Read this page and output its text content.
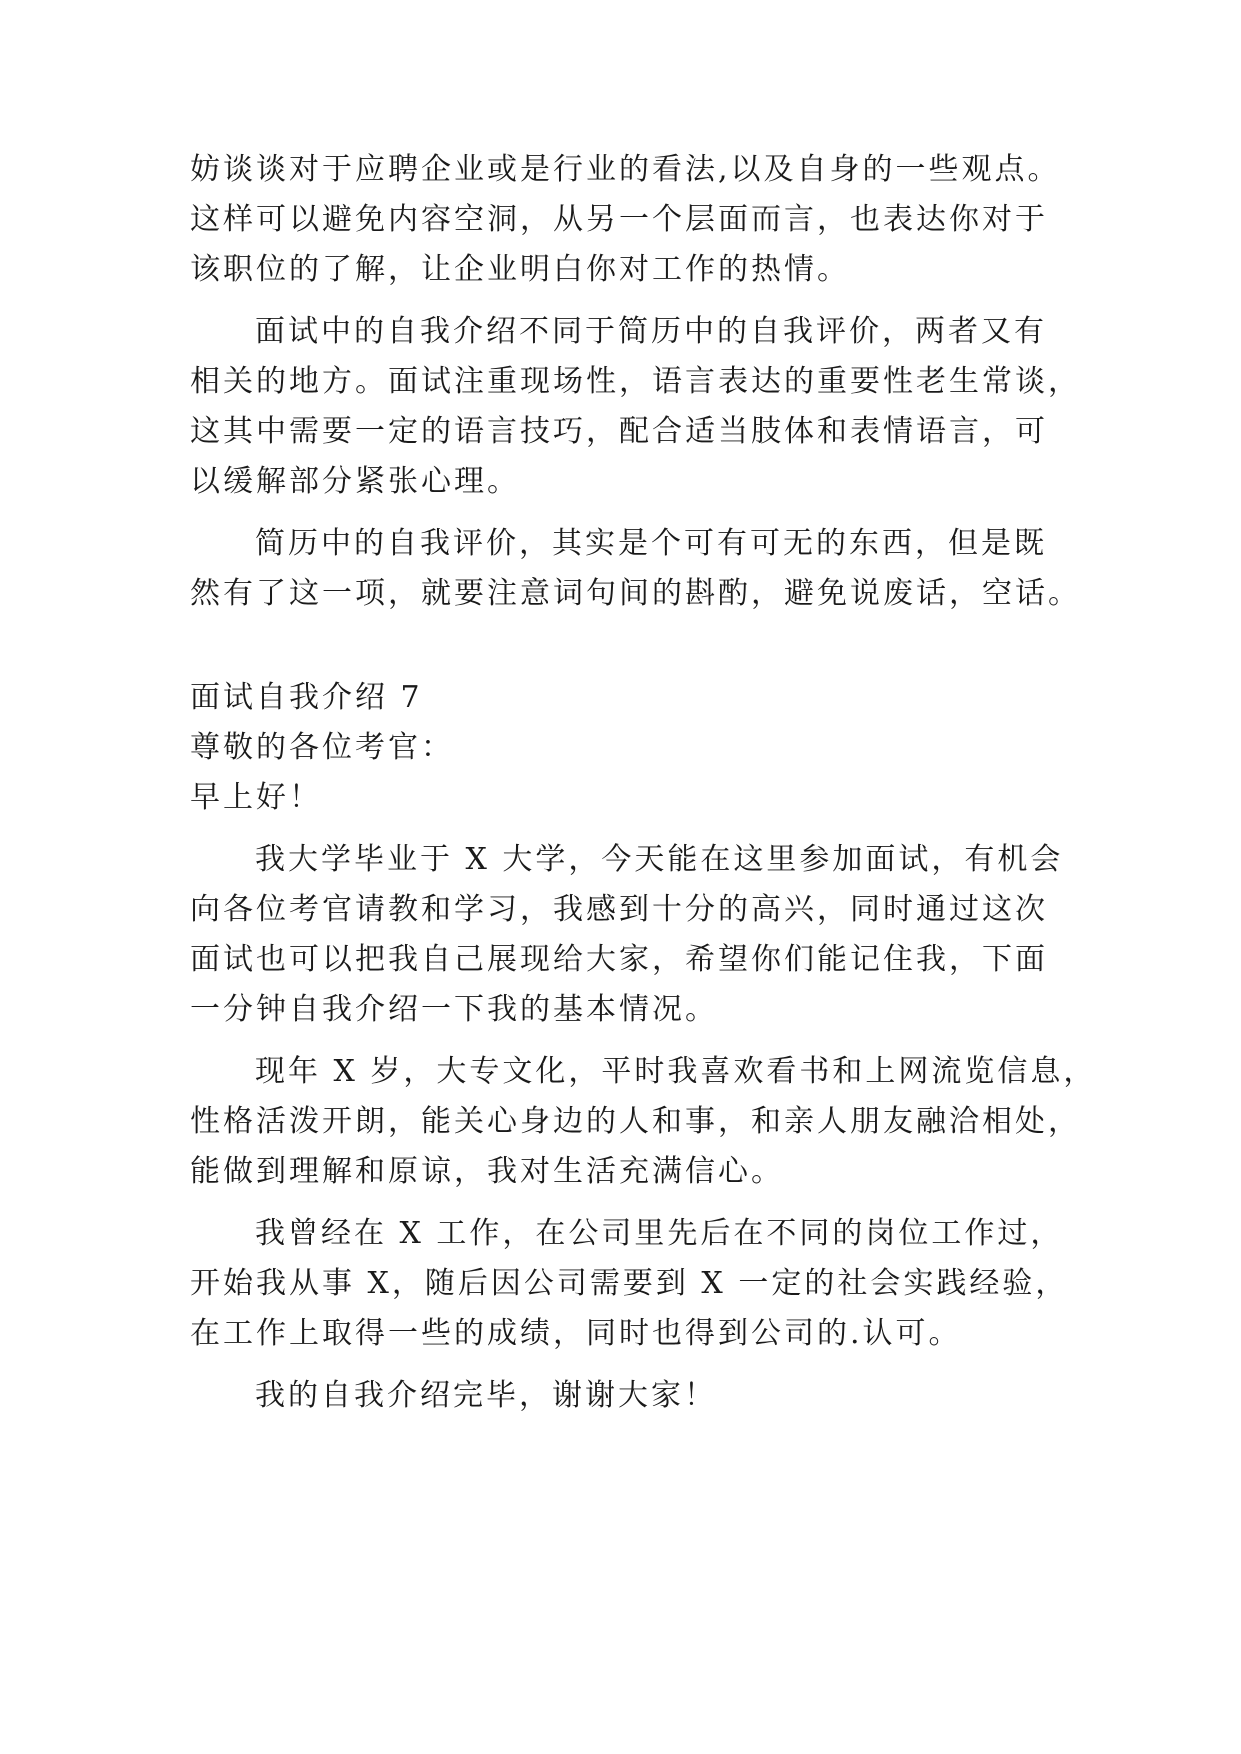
妨谈谈对于应聘企业或是行业的看法,以及自身的一些观点。
这样可以避免内容空洞，从另一个层面而言，也表达你对于
该职位的了解，让企业明白你对工作的热情。
面试中的自我介绍不同于简历中的自我评价，两者又有
相关的地方。面试注重现场性，语言表达的重要性老生常谈，
这其中需要一定的语言技巧，配合适当肢体和表情语言，可
以缓解部分紧张心理。
简历中的自我评价，其实是个可有可无的东西，但是既
然有了这一项，就要注意词句间的斟酌，避免说废话，空话。
面试自我介绍 7
尊敬的各位考官：
早上好！
我大学毕业于 X 大学，今天能在这里参加面试，有机会
向各位考官请教和学习，我感到十分的高兴，同时通过这次
面试也可以把我自己展现给大家，希望你们能记住我，下面
一分钟自我介绍一下我的基本情况。
现年 X 岁，大专文化，平时我喜欢看书和上网流览信息，
性格活泼开朗，能关心身边的人和事，和亲人朋友融洽相处，
能做到理解和原谅，我对生活充满信心。
我曾经在 X 工作，在公司里先后在不同的岗位工作过，
开始我从事 X，随后因公司需要到 X 一定的社会实践经验，
在工作上取得一些的成绩，同时也得到公司的.认可。
我的自我介绍完毕，谢谢大家！
